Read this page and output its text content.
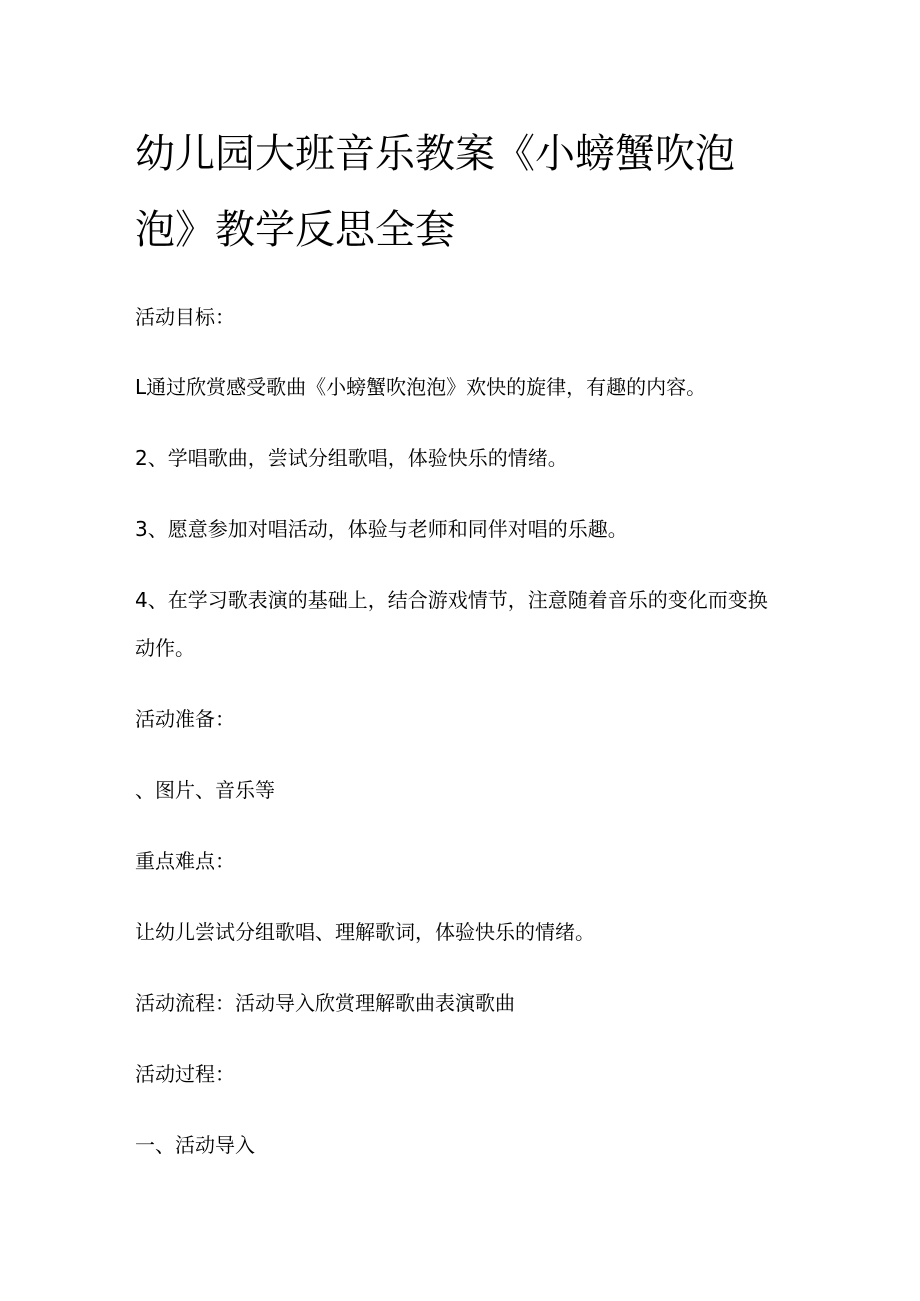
幼儿园大班音乐教案《小螃蟹吹泡
泡》教学反思全套

活动目标：

L通过欣赏感受歌曲《小螃蟹吹泡泡》欢快的旋律，有趣的内容。

2、学唱歌曲，尝试分组歌唱，体验快乐的情绪。

3、愿意参加对唱活动，体验与老师和同伴对唱的乐趣。

4、在学习歌表演的基础上，结合游戏情节，注意随着音乐的变化而变换

动作。

活动准备：

、图片、音乐等

重点难点：

让幼儿尝试分组歌唱、理解歌词，体验快乐的情绪。

活动流程：活动导入欣赏理解歌曲表演歌曲

活动过程：

一、活动导入
